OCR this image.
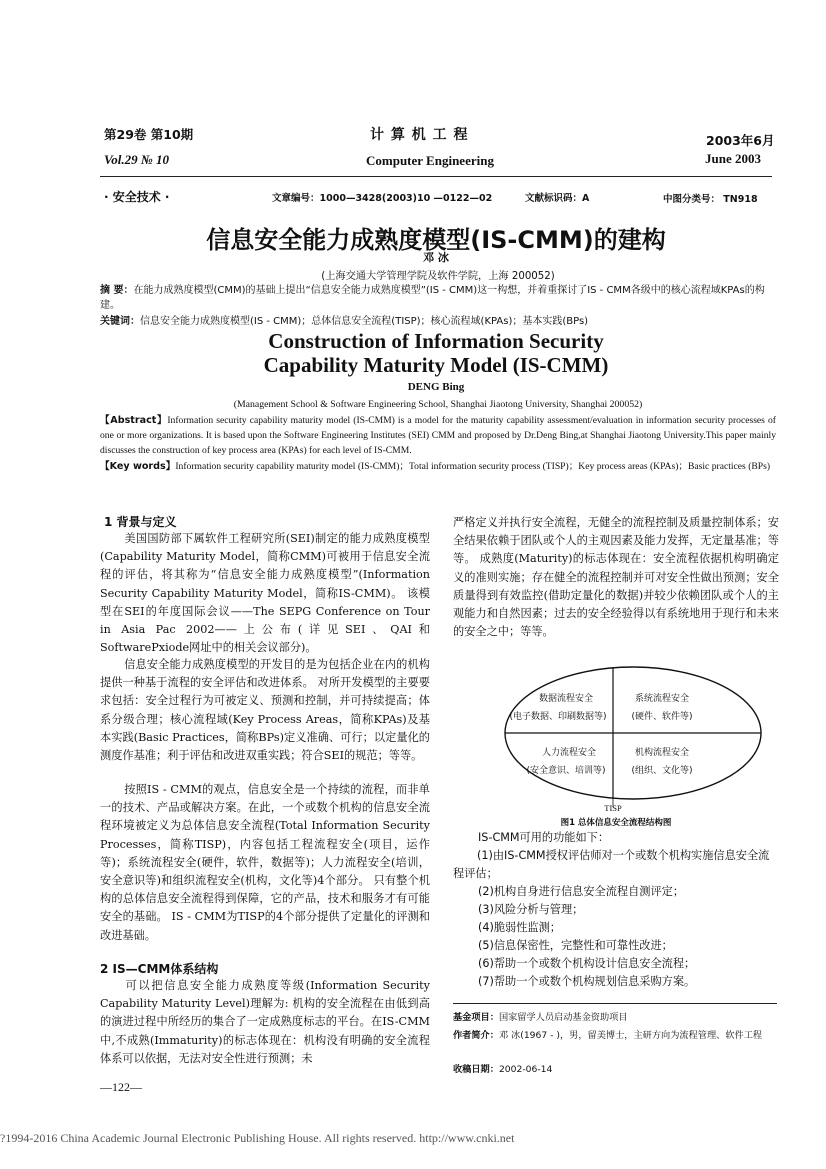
第29卷 第10期
Vol.29 № 10
计 算 机 工 程
Computer Engineering
2003年6月
June 2003
· 安全技术 ·	文章编号：1000—3428(2003)10 —0122—02	文献标识码：A	中图分类号： TN918
信息安全能力成熟度模型(IS-CMM)的建构
邓 冰
(上海交通大学管理学院及软件学院，上海 200052)
摘 要：在能力成熟度模型(CMM)的基础上提出“信息安全能力成熟度模型”(IS - CMM)这一构想，并着重探讨了IS - CMM各级中的核心流程域KPAs的构建。
关键词：信息安全能力成熟度模型(IS - CMM)；总体信息安全流程(TISP)；核心流程域(KPAs)；基本实践(BPs)
Construction of Information Security
Capability Maturity Model (IS-CMM)
DENG Bing
(Management School & Software Engineering School, Shanghai Jiaotong University, Shanghai 200052)
【Abstract】Information security capability maturity model (IS-CMM) is a model for the maturity capability assessment/evaluation in information security processes of one or more organizations. It is based upon the Software Engineering Institutes (SEI) CMM and proposed by Dr.Deng Bing,at Shanghai Jiaotong University.This paper mainly discusses the construction of key process area (KPAs) for each level of IS-CMM.
【Key words】Information security capability maturity model (IS-CMM)；Total information security process (TISP)；Key process areas (KPAs)；Basic practices (BPs)
1 背景与定义
美国国防部下属软件工程研究所(SEI)制定的能力成熟度模型(Capability Maturity Model，简称CMM)可被用于信息安全流程的评估，将其称为“信息安全能力成熟度模型”(Information Security Capability Maturity Model，简称IS-CMM)。 该模型在SEI的年度国际会议——The SEPG Conference on Tour in Asia Pac 2002——上公布(详见SEI、QAI和SoftwarePxiode网址中的相关会议部分)。
信息安全能力成熟度模型的开发目的是为包括企业在内的机构提供一种基于流程的安全评估和改进体系。 对所开发模型的主要要求包括：安全过程行为可被定义、预测和控制，并可持续提高；体系分级合理；核心流程域(Key Process Areas，简称KPAs)及基本实践(Basic Practices，简称BPs)定义准确、可行；以定量化的测度作基准；利于评估和改进双重实践；符合SEI的规范；等等。
按照IS - CMM的观点，信息安全是一个持续的流程，而非单一的技术、产品或解决方案。在此，一个或数个机构的信息安全流程环境被定义为总体信息安全流程(Total Information Security Processes，简称TISP)，内容包括工程流程安全(项目，运作等)；系统流程安全(硬件，软件，数据等)；人力流程安全(培训，安全意识等)和组织流程安全(机构，文化等)4个部分。 只有整个机构的总体信息安全流程得到保障，它的产品，技术和服务才有可能安全的基础。 IS - CMM为TISP的4个部分提供了定量化的评测和改进基础。
2 IS—CMM体系结构
可以把信息安全能力成熟度等级(Information Security Capability Maturity Level)理解为: 机构的安全流程在由低到高的演进过程中所经历的集合了一定成熟度标志的平台。在IS-CMM中,不成熟(Immaturity)的标志体现在：机构没有明确的安全流程体系可以依据，无法对安全性进行预测；未
—122—
严格定义并执行安全流程，无健全的流程控制及质量控制体系；安全结果依赖于团队或个人的主观因素及能力发挥，无定量基准；等等。 成熟度(Maturity)的标志体现在：安全流程依据机构明确定义的准则实施；存在健全的流程控制并可对安全性做出预测；安全质量得到有效监控(借助定量化的数据)并较少依赖团队或个人的主观能力和自然因素；过去的安全经验得以有系统地用于现行和未来的安全之中；等等。
数据流程安全
(电子数据、印刷数据等)
系统流程安全
(硬件、软件等)
人力流程安全
(安全意识、培训等)
机构流程安全
(组织、文化等)
TISP
图1 总体信息安全流程结构图
IS-CMM可用的功能如下：
(1)由IS-CMM授权评估师对一个或数个机构实施信息安全流程评估；
(2)机构自身进行信息安全流程自测评定；
(3)风险分析与管理；
(4)脆弱性监测；
(5)信息保密性，完整性和可靠性改进；
(6)帮助一个或数个机构设计信息安全流程；
(7)帮助一个或数个机构规划信息采购方案。
基金项目：国家留学人员启动基金资助项目
作者简介：邓 冰(1967 - )，男，留美博士，主研方向为流程管理、软件工程
收稿日期：2002-06-14
?1994-2016 China Academic Journal Electronic Publishing House. All rights reserved. http://www.cnki.net
